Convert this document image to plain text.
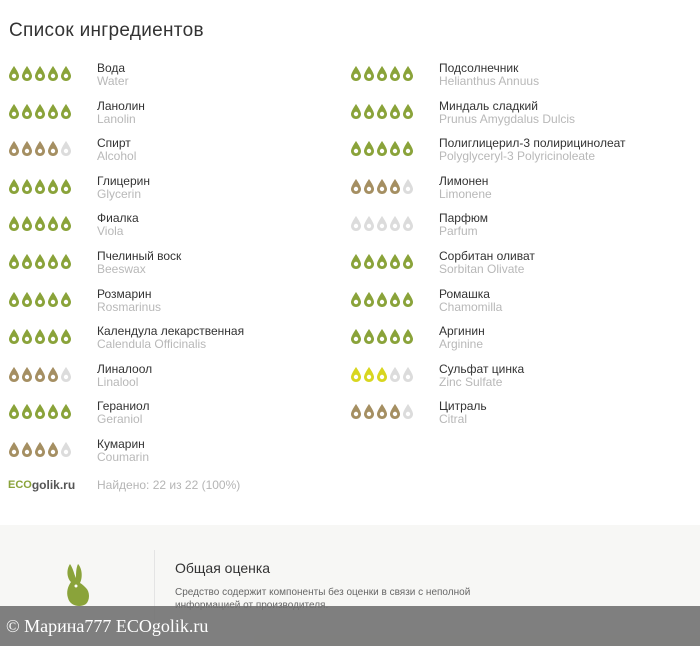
Список ингредиентов
Вода
Water
Ланолин
Lanolin
Спирт
Alcohol
Глицерин
Glycerin
Фиалка
Viola
Пчелиный воск
Beeswax
Розмарин
Rosmarinus
Календула лекарственная
Calendula Officinalis
Линалоол
Linalool
Гераниол
Geraniol
Кумарин
Coumarin
Подсолнечник
Helianthus Annuus
Миндаль сладкий
Prunus Amygdalus Dulcis
Полиглицерил-3 полирицинолеат
Polyglyceryl-3 Polyricinoleate
Лимонен
Limonene
Парфюм
Parfum
Сорбитан оливат
Sorbitan Olivate
Ромашка
Chamomilla
Аргинин
Arginine
Сульфат цинка
Zinc Sulfate
Цитраль
Citral
ECO golik.ru Найдено: 22 из 22 (100%)
Общая оценка
Средство содержит компоненты без оценки в связи с неполной
© Марина777 ECOgolik.ru
